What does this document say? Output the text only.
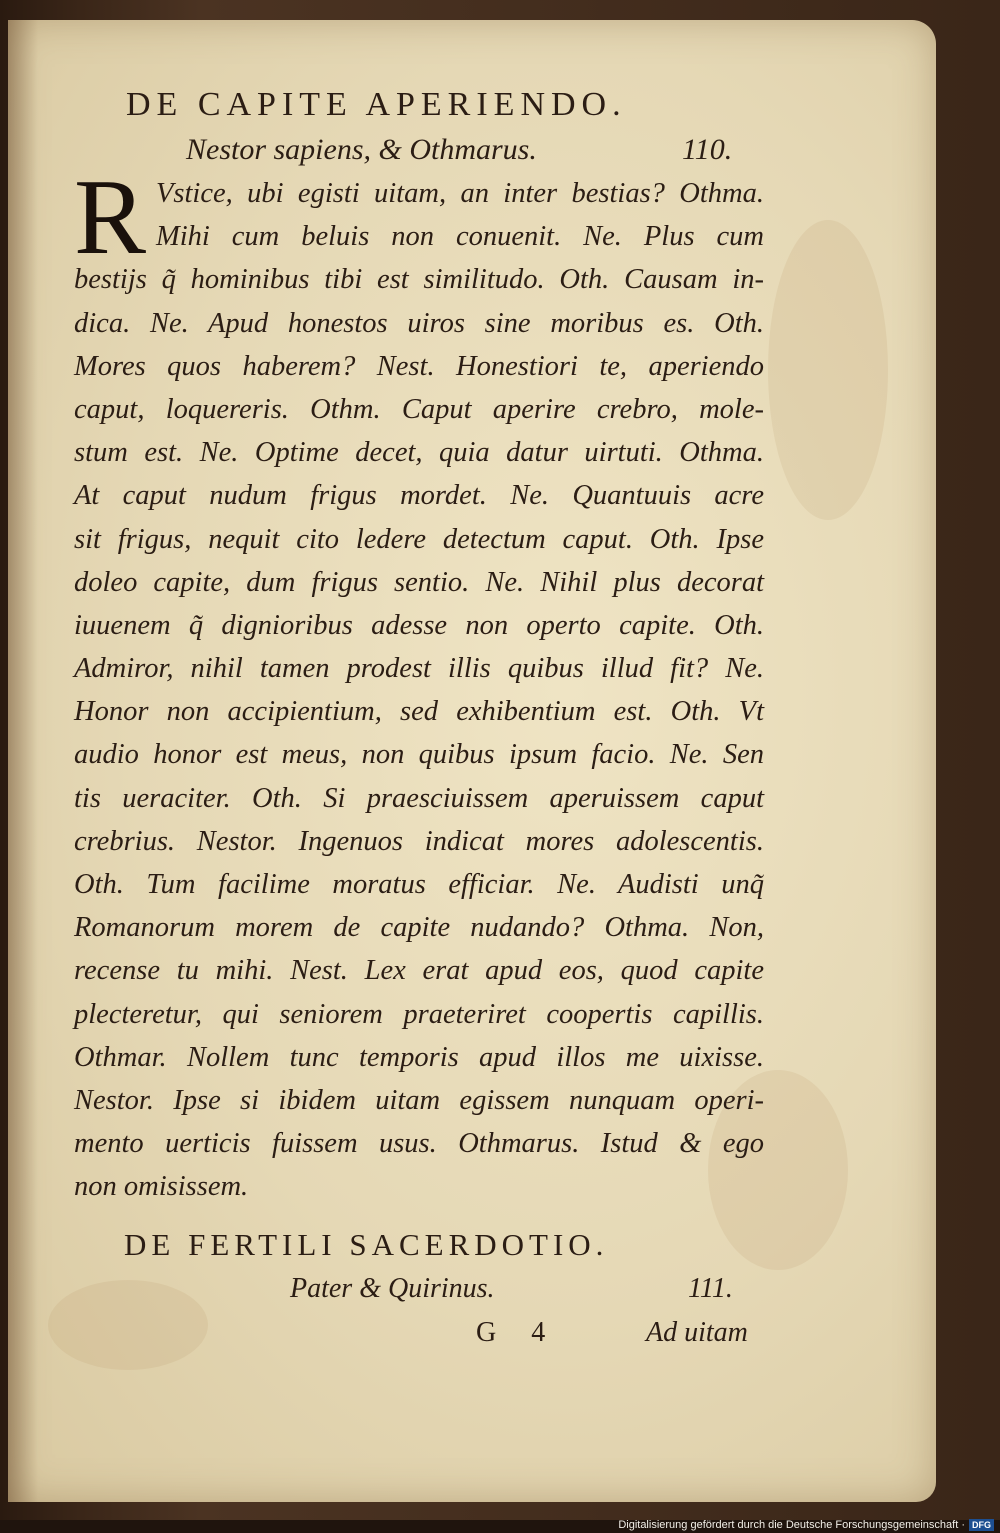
DE CAPITE APERIENDO.
Nestor sapiens, & Othmarus.	110.
R Vstice, ubi egisti uitam, an inter bestias? Othma.
Mihi cum beluis non conuenit. Ne. Plus cum
bestijs q̃ hominibus tibi est similitudo. Oth. Causam in-
dica. Ne. Apud honestos uiros sine moribus es. Oth.
Mores quos haberem? Nest. Honestiori te, aperiendo
caput, loquereris. Othm. Caput aperire crebro, mole-
stum est. Ne. Optime decet, quia datur uirtuti. Othma.
At caput nudum frigus mordet. Ne. Quantuuis acre
sit frigus, nequit cito ledere detectum caput. Oth. Ipse
doleo capite, dum frigus sentio. Ne. Nihil plus decorat
iuuenem q̃ dignioribus adesse non operto capite. Oth.
Admiror, nihil tamen prodest illis quibus illud fit? Ne.
Honor non accipientium, sed exhibentium est. Oth. Vt
audio honor est meus, non quibus ipsum facio. Ne. Sen
tis ueraciter. Oth. Si praesciuissem aperuissem caput
crebrius. Nestor. Ingenuos indicat mores adolescentis.
Oth. Tum facilime moratus efficiar. Ne. Audisti unq̃
Romanorum morem de capite nudando? Othma. Non,
recense tu mihi. Nest. Lex erat apud eos, quod capite
plecteretur, qui seniorem praeteriret coopertis capillis.
Othmar. Nollem tunc temporis apud illos me uixisse.
Nestor. Ipse si ibidem uitam egissem nunquam operi-
mento uerticis fuissem usus. Othmarus. Istud & ego
non omisissem.
DE FERTILI SACERDOTIO.
Pater & Quirinus.	111.
G 4	Ad uitam
Digitalisierung gefördert durch die Deutsche Forschungsgemeinschaft · DFG
